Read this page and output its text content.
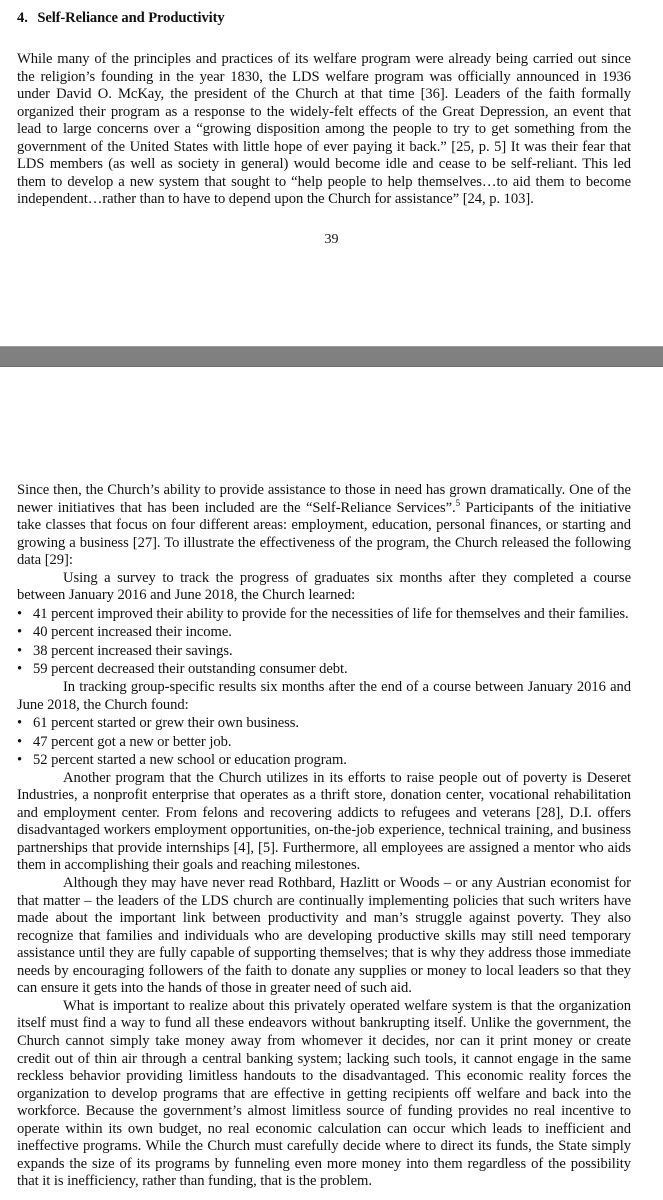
4. Self-Reliance and Productivity

While many of the principles and practices of its welfare program were already being carried out since the religion’s founding in the year 1830, the LDS welfare program was officially announced in 1936 under David O. McKay, the president of the Church at that time [36]. Leaders of the faith formally organized their program as a response to the widely-felt effects of the Great Depression, an event that lead to large concerns over a “growing disposition among the people to try to get something from the government of the United States with little hope of ever paying it back.” [25, p. 5] It was their fear that LDS members (as well as society in general) would become idle and cease to be self-reliant. This led them to develop a new system that sought to “help people to help themselves…to aid them to become independent…rather than to have to depend upon the Church for assistance” [24, p. 103].

39

Since then, the Church’s ability to provide assistance to those in need has grown dramatically. One of the newer initiatives that has been included are the “Self-Reliance Services”.$^5$ Participants of the initiative take classes that focus on four different areas: employment, education, personal finances, or starting and growing a business [27]. To illustrate the effectiveness of the program, the Church released the following data [29]:

Using a survey to track the progress of graduates six months after they completed a course between January 2016 and June 2018, the Church learned:

• 41 percent improved their ability to provide for the necessities of life for themselves and their families.
• 40 percent increased their income.
• 38 percent increased their savings.
• 59 percent decreased their outstanding consumer debt.

In tracking group-specific results six months after the end of a course between January 2016 and June 2018, the Church found:

• 61 percent started or grew their own business.
• 47 percent got a new or better job.
• 52 percent started a new school or education program.

Another program that the Church utilizes in its efforts to raise people out of poverty is Deseret Industries, a nonprofit enterprise that operates as a thrift store, donation center, vocational rehabilitation and employment center. From felons and recovering addicts to refugees and veterans [28], D.I. offers disadvantaged workers employment opportunities, on-the-job experience, technical training, and business partnerships that provide internships [4], [5]. Furthermore, all employees are assigned a mentor who aids them in accomplishing their goals and reaching milestones.

Although they may have never read Rothbard, Hazlitt or Woods – or any Austrian economist for that matter – the leaders of the LDS church are continually implementing policies that such writers have made about the important link between productivity and man’s struggle against poverty. They also recognize that families and individuals who are developing productive skills may still need temporary assistance until they are fully capable of supporting themselves; that is why they address those immediate needs by encouraging followers of the faith to donate any supplies or money to local leaders so that they can ensure it gets into the hands of those in greater need of such aid.

What is important to realize about this privately operated welfare system is that the organization itself must find a way to fund all these endeavors without bankrupting itself. Unlike the government, the Church cannot simply take money away from whomever it decides, nor can it print money or create credit out of thin air through a central banking system; lacking such tools, it cannot engage in the same reckless behavior providing limitless handouts to the disadvantaged. This economic reality forces the organization to develop programs that are effective in getting recipients off welfare and back into the workforce. Because the government’s almost limitless source of funding provides no real incentive to operate within its own budget, no real economic calculation can occur which leads to inefficient and ineffective programs. While the Church must carefully decide where to direct its funds, the State simply expands the size of its programs by funneling even more money into them regardless of the possibility that it is inefficiency, rather than funding, that is the problem.
